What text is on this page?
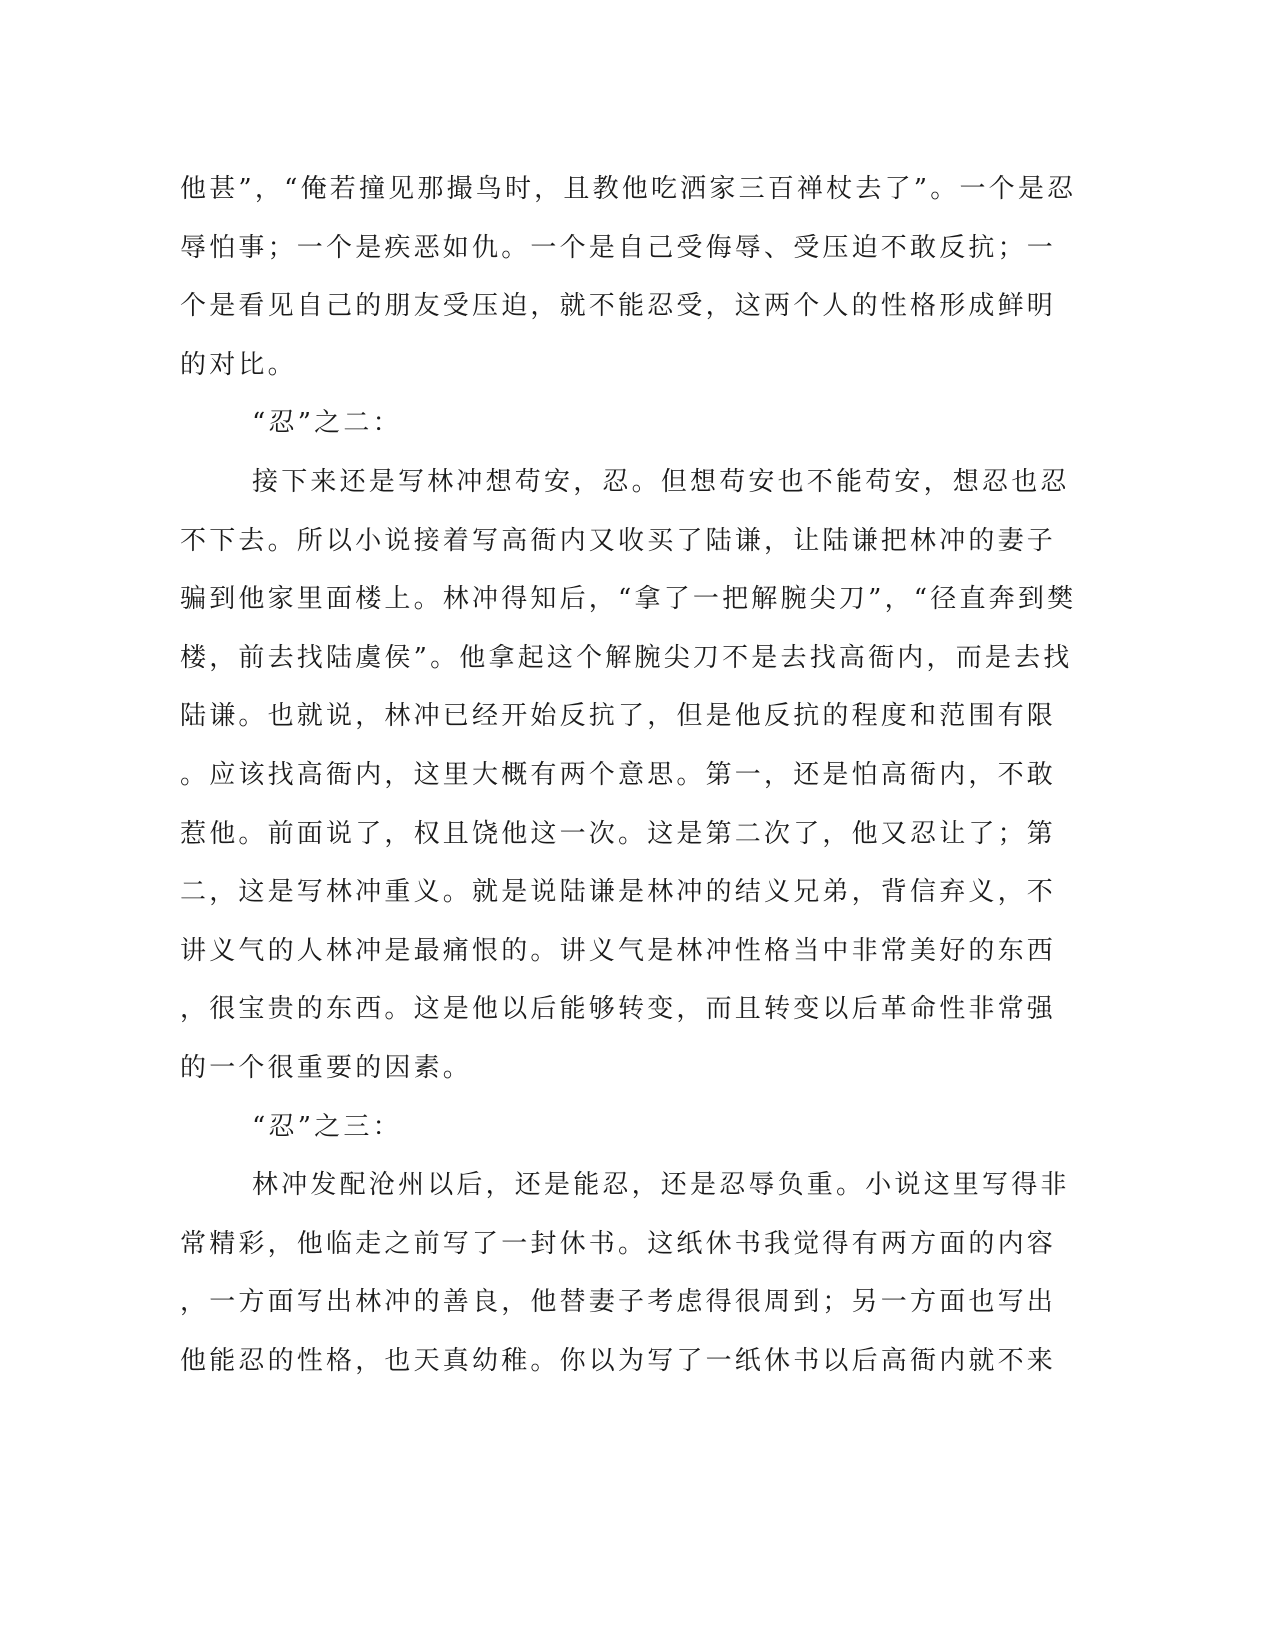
他甚”，“俺若撞见那撮鸟时，且教他吃洒家三百禅杖去了”。一个是忍
辱怕事；一个是疾恶如仇。一个是自己受侮辱、受压迫不敢反抗；一
个是看见自己的朋友受压迫，就不能忍受，这两个人的性格形成鲜明
的对比。
“忍”之二：
接下来还是写林冲想苟安，忍。但想苟安也不能苟安，想忍也忍
不下去。所以小说接着写高衙内又收买了陆谦，让陆谦把林冲的妻子
骗到他家里面楼上。林冲得知后，“拿了一把解腕尖刀”，“径直奔到樊
楼，前去找陆虞侯”。他拿起这个解腕尖刀不是去找高衙内，而是去找
陆谦。也就说，林冲已经开始反抗了，但是他反抗的程度和范围有限
。应该找高衙内，这里大概有两个意思。第一，还是怕高衙内，不敢
惹他。前面说了，权且饶他这一次。这是第二次了，他又忍让了；第
二，这是写林冲重义。就是说陆谦是林冲的结义兄弟，背信弃义，不
讲义气的人林冲是最痛恨的。讲义气是林冲性格当中非常美好的东西
，很宝贵的东西。这是他以后能够转变，而且转变以后革命性非常强
的一个很重要的因素。
“忍”之三：
林冲发配沧州以后，还是能忍，还是忍辱负重。小说这里写得非
常精彩，他临走之前写了一封休书。这纸休书我觉得有两方面的内容
，一方面写出林冲的善良，他替妻子考虑得很周到；另一方面也写出
他能忍的性格，也天真幼稚。你以为写了一纸休书以后高衙内就不来
